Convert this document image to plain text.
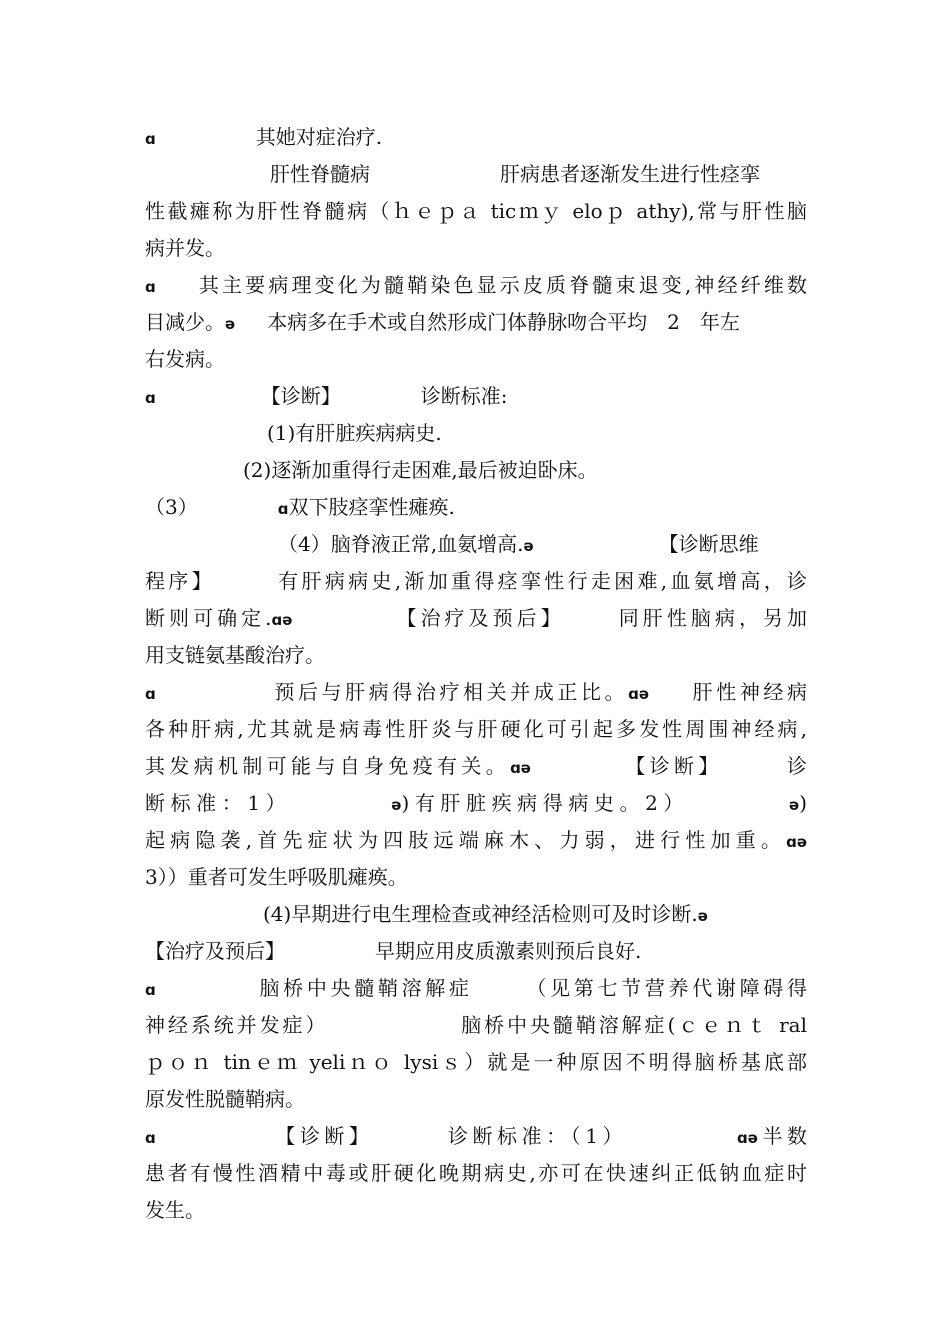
ɑ	其她对症治疗.
肝性脊髓病	肝病患者逐渐发生进行性痉挛
性截瘫称为肝性脊髓病（ｈｅｐａ ticｍｙ eloｐ athy),常与肝性脑
病并发。
ɑ 其主要病理变化为髓鞘染色显示皮质脊髓束退变,神经纤维数
目减少。ə 本病多在手术或自然形成门体静脉吻合平均　2　年左
右发病。
ɑ	【诊断】	诊断标准:
(1)有肝脏疾病病史.
(2)逐渐加重得行走困难,最后被迫卧床。
（3）	ɑ双下肢痉挛性瘫痪.
（4）脑脊液正常,血氨增高.ə	【诊断思维
程序】	有肝病病史,渐加重得痉挛性行走困难,血氨增高，诊
断则可确定.ɑə	【治疗及预后】	同肝性脑病，另加
用支链氨基酸治疗。
ɑ	预后与肝病得治疗相关并成正比。ɑə 肝性神经病
各种肝病,尤其就是病毒性肝炎与肝硬化可引起多发性周围神经病,
其发病机制可能与自身免疫有关。ɑə	【诊断】	诊
断标准：1）	ə)有肝脏疾病得病史。2）	ə)
起病隐袭,首先症状为四肢远端麻木、力弱，进行性加重。ɑə
3））重者可发生呼吸肌瘫痪。
(4)早期进行电生理检查或神经活检则可及时诊断.ə
【治疗及预后】	早期应用皮质激素则预后良好.
ɑ	脑桥中央髓鞘溶解症	（见第七节营养代谢障碍得
神经系统并发症）	脑桥中央髓鞘溶解症(ｃｅｎｔ ral
ｐｏｎ tinｅｍ yeliｎｏ lysiｓ）就是一种原因不明得脑桥基底部
原发性脱髓鞘病。
ɑ	【诊断】	诊断标准：（1）	ɑə半数
患者有慢性酒精中毒或肝硬化晚期病史,亦可在快速纠正低钠血症时
发生。
